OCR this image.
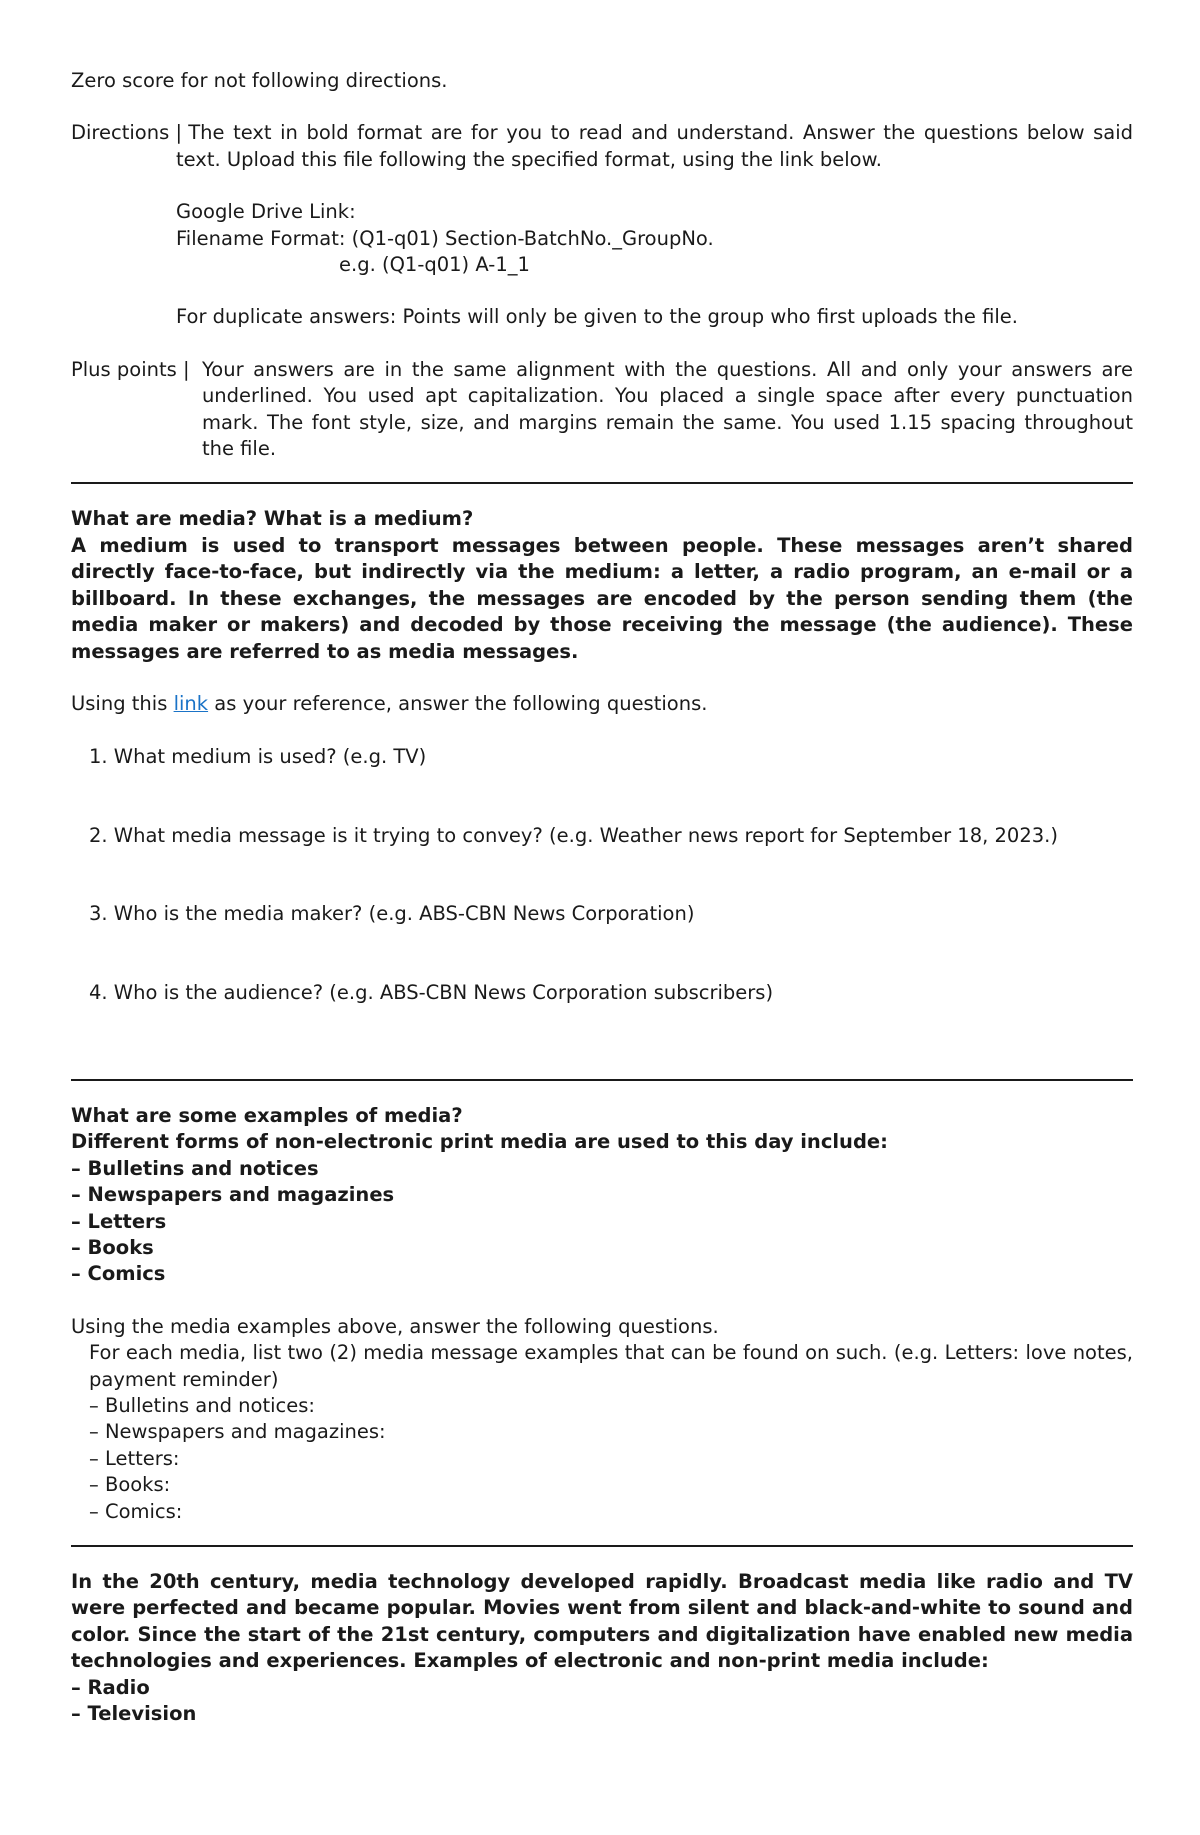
Zero score for not following directions.

Directions | The text in bold format are for you to read and understand. Answer the questions below said text. Upload this file following the specified format, using the link below.

Google Drive Link:

Filename Format: (Q1-q01) Section-BatchNo._GroupNo.

e.g. (Q1-q01) A-1_1

For duplicate answers: Points will only be given to the group who first uploads the file.

Plus points | Your answers are in the same alignment with the questions. All and only your answers are underlined. You used apt capitalization. You placed a single space after every punctuation mark. The font style, size, and margins remain the same. You used 1.15 spacing throughout the file.

What are media? What is a medium?

A medium is used to transport messages between people. These messages aren’t shared directly face-to-face, but indirectly via the medium: a letter, a radio program, an e-mail or a billboard. In these exchanges, the messages are encoded by the person sending them (the media maker or makers) and decoded by those receiving the message (the audience). These messages are referred to as media messages.

Using this link as your reference, answer the following questions.

1. What medium is used? (e.g. TV)

2. What media message is it trying to convey? (e.g. Weather news report for September 18, 2023.)

3. Who is the media maker? (e.g. ABS-CBN News Corporation)

4. Who is the audience? (e.g. ABS-CBN News Corporation subscribers)

What are some examples of media?

Different forms of non-electronic print media are used to this day include:

– Bulletins and notices

– Newspapers and magazines

– Letters

– Books

– Comics

Using the media examples above, answer the following questions.

For each media, list two (2) media message examples that can be found on such. (e.g. Letters: love notes, payment reminder)

– Bulletins and notices:

– Newspapers and magazines:

– Letters:

– Books:

– Comics:

In the 20th century, media technology developed rapidly. Broadcast media like radio and TV were perfected and became popular. Movies went from silent and black-and-white to sound and color. Since the start of the 21st century, computers and digitalization have enabled new media technologies and experiences. Examples of electronic and non-print media include:

– Radio

– Television
